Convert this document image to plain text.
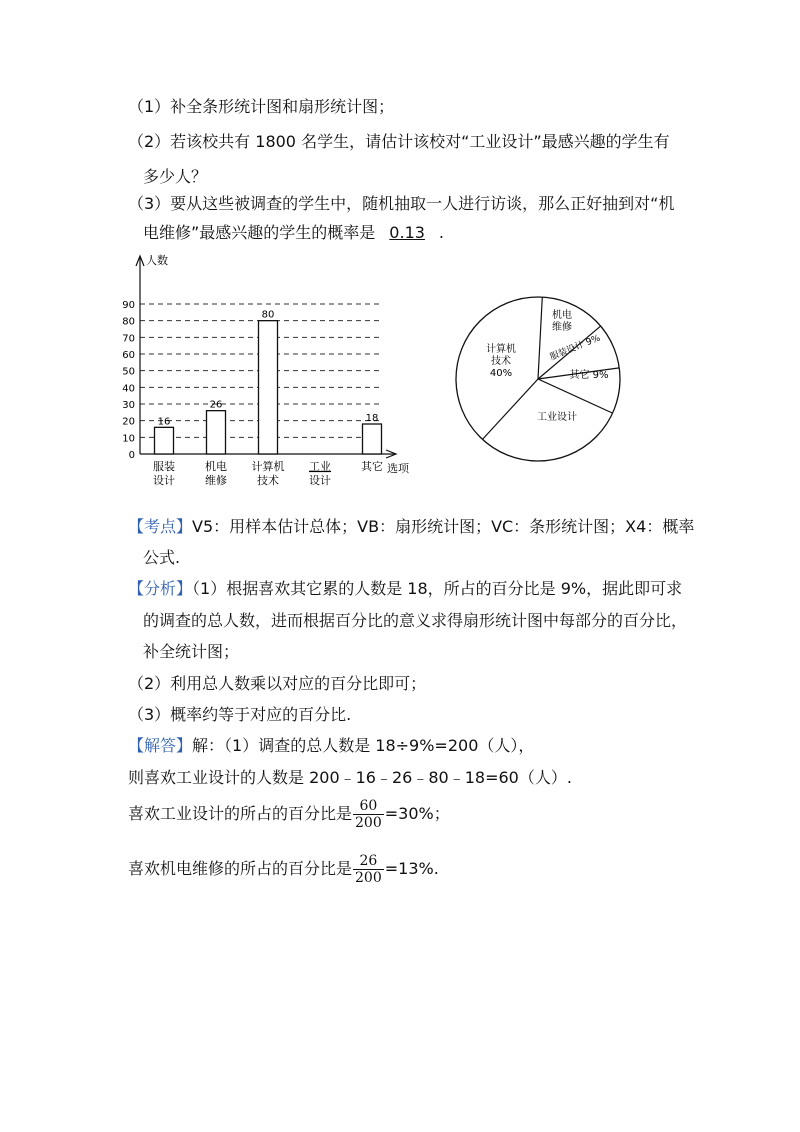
（1）补全条形统计图和扇形统计图；
（2）若该校共有 1800 名学生，请估计该校对“工业设计”最感兴趣的学生有
多少人？
（3）要从这些被调查的学生中，随机抽取一人进行访谈，那么正好抽到对“机
电维修”最感兴趣的学生的概率是 0.13 .
人数
选项
0
10
20
30
40
50
60
70
80
90
16
服装
设计
26
机电
维修
80
计算机
技术
工业
设计
18
其它
机电
维修
服装设计 9%
其它 9%
工业设计
计算机
技术
40%
【考点】V5：用样本估计总体；VB：扇形统计图；VC：条形统计图；X4：概率
公式.
【分析】（1）根据喜欢其它累的人数是 18，所占的百分比是 9%，据此即可求
的调查的总人数，进而根据百分比的意义求得扇形统计图中每部分的百分比，
补全统计图；
（2）利用总人数乘以对应的百分比即可；
（3）概率约等于对应的百分比.
【解答】解：（1）调查的总人数是 18÷9%=200（人），
则喜欢工业设计的人数是 200﹣16﹣26﹣80﹣18=60（人）.
喜欢工业设计的所占的百分比是 $\frac{60}{200} =30\%$；
喜欢机电维修的所占的百分比是 $\frac{26}{200} =13\%$.
